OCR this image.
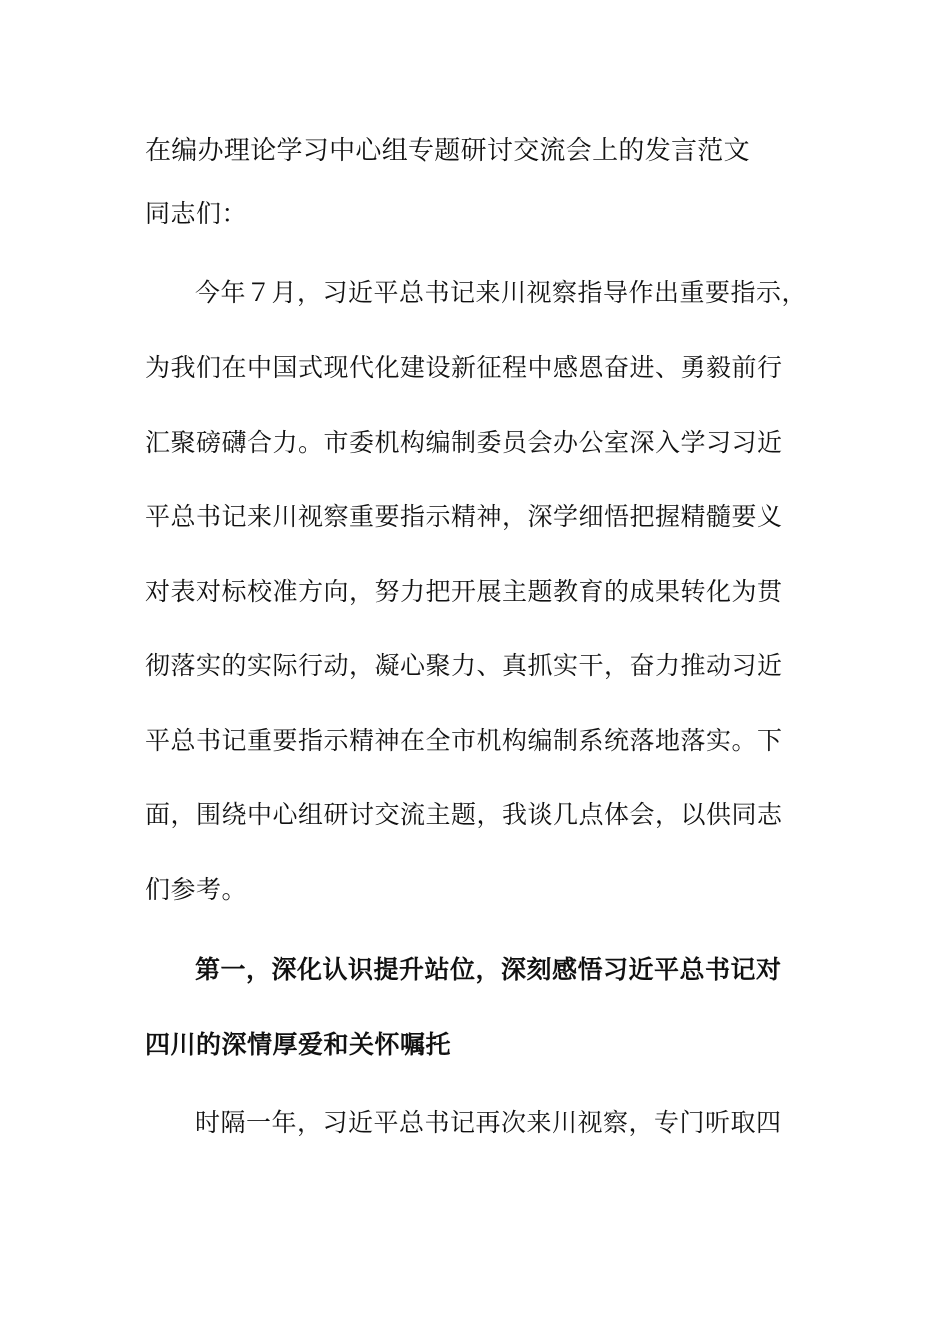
在编办理论学习中心组专题研讨交流会上的发言范文
同志们：
今年７月，习近平总书记来川视察指导作出重要指示，
为我们在中国式现代化建设新征程中感恩奋进、勇毅前行
汇聚磅礴合力。市委机构编制委员会办公室深入学习习近
平总书记来川视察重要指示精神，深学细悟把握精髓要义
对表对标校准方向，努力把开展主题教育的成果转化为贯
彻落实的实际行动，凝心聚力、真抓实干，奋力推动习近
平总书记重要指示精神在全市机构编制系统落地落实。下
面，围绕中心组研讨交流主题，我谈几点体会，以供同志
们参考。
第一，深化认识提升站位，深刻感悟习近平总书记对
四川的深情厚爱和关怀嘱托
时隔一年，习近平总书记再次来川视察，专门听取四
